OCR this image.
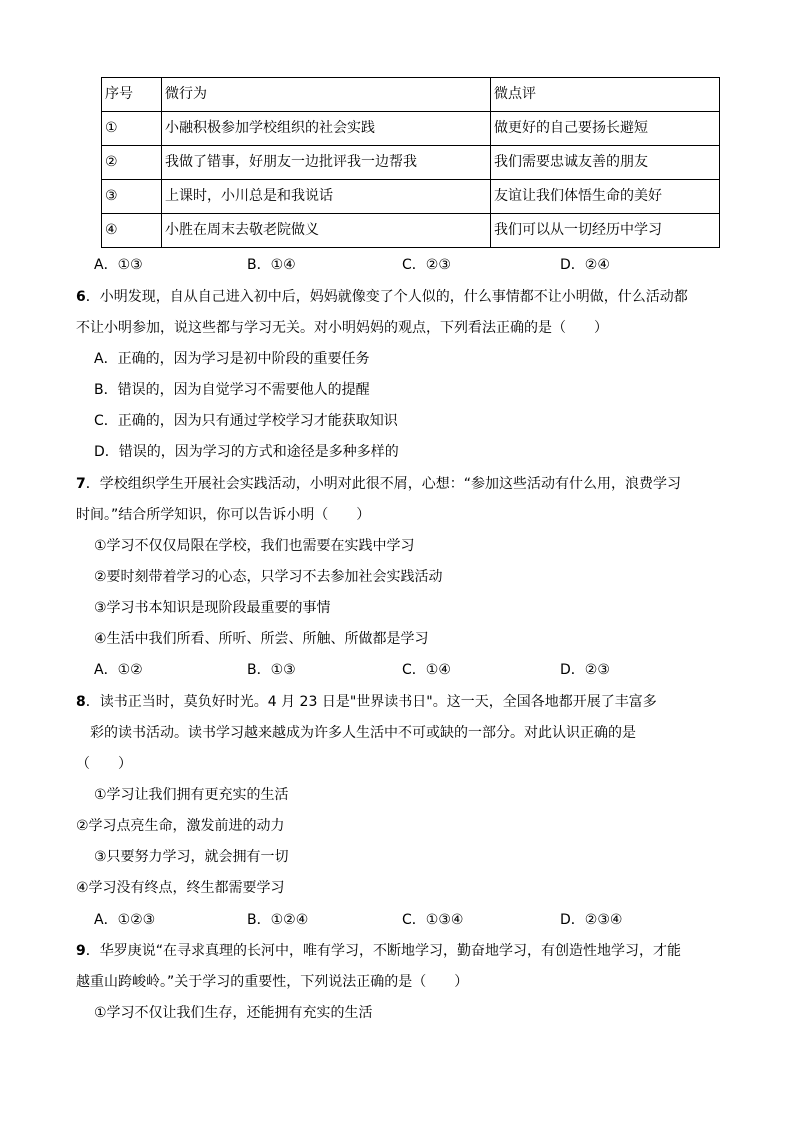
序号	微行为	微点评
①	小融积极参加学校组织的社会实践	做更好的自己要扬长避短
②	我做了错事，好朋友一边批评我一边帮我	我们需要忠诚友善的朋友
③	上课时，小川总是和我说话	友谊让我们体悟生命的美好
④	小胜在周末去敬老院做义	我们可以从一切经历中学习
A．①③	B．①④	C．②③	D．②④
6．小明发现，自从自己进入初中后，妈妈就像变了个人似的，什么事情都不让小明做，什么活动都
不让小明参加，说这些都与学习无关。对小明妈妈的观点，下列看法正确的是（　　）
A．正确的，因为学习是初中阶段的重要任务
B．错误的，因为自觉学习不需要他人的提醒
C．正确的，因为只有通过学校学习才能获取知识
D．错误的，因为学习的方式和途径是多种多样的
7．学校组织学生开展社会实践活动，小明对此很不屑，心想：“参加这些活动有什么用，浪费学习
时间。”结合所学知识，你可以告诉小明（　　）
①学习不仅仅局限在学校，我们也需要在实践中学习
②要时刻带着学习的心态，只学习不去参加社会实践活动
③学习书本知识是现阶段最重要的事情
④生活中我们所看、所听、所尝、所触、所做都是学习
A．①②	B．①③	C．①④	D．②③
8．读书正当时，莫负好时光。4 月 23 日是"世界读书日"。这一天，全国各地都开展了丰富多
彩的读书活动。读书学习越来越成为许多人生活中不可或缺的一部分。对此认识正确的是
（　　）
①学习让我们拥有更充实的生活
②学习点亮生命，激发前进的动力
③只要努力学习，就会拥有一切
④学习没有终点，终生都需要学习
A．①②③	B．①②④	C．①③④	D．②③④
9．华罗庚说“在寻求真理的长河中，唯有学习，不断地学习，勤奋地学习，有创造性地学习，才能
越重山跨峻岭。”关于学习的重要性，下列说法正确的是（　　）
①学习不仅让我们生存，还能拥有充实的生活
